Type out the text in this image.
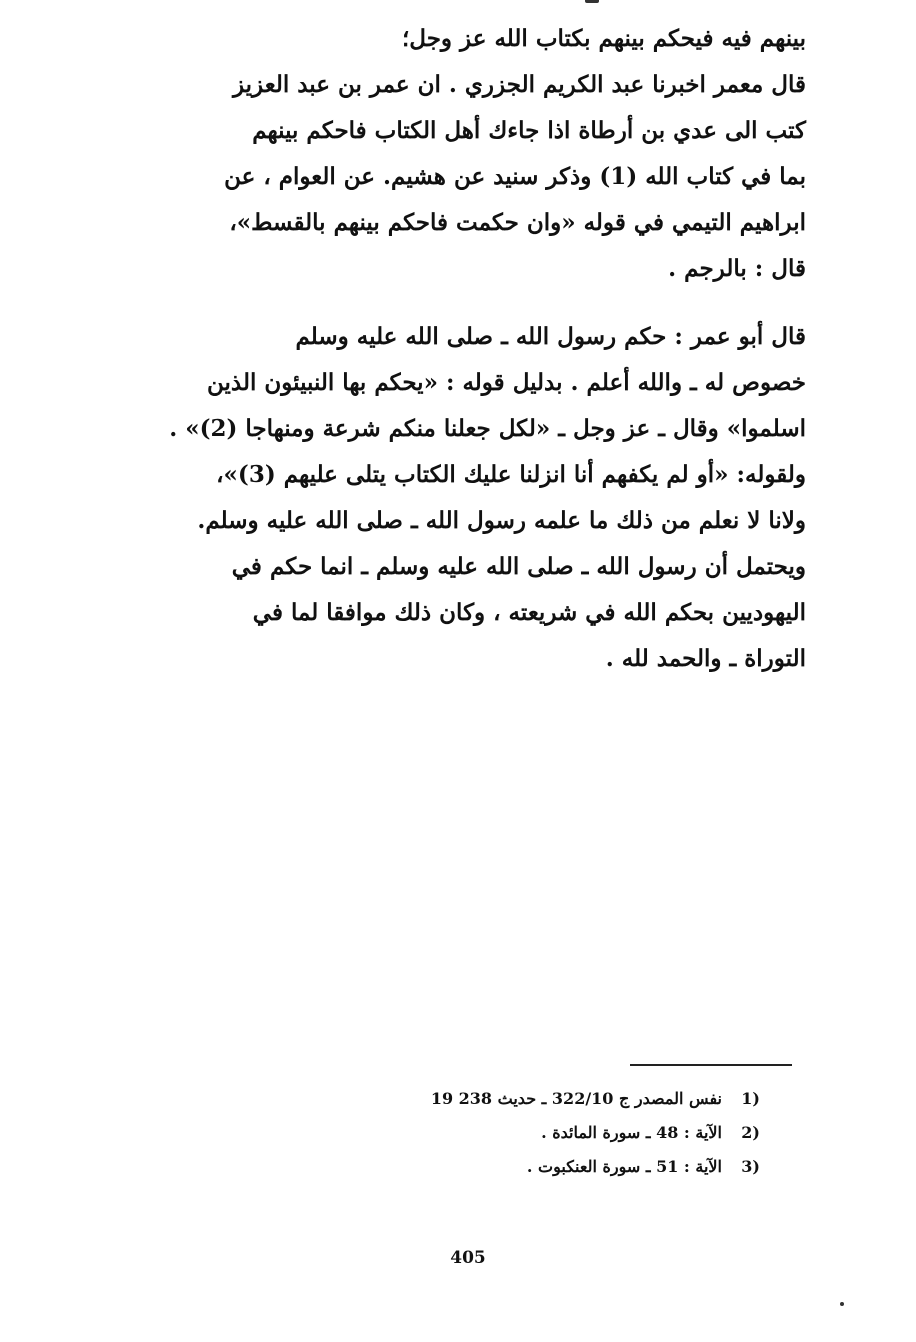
بينهم فيه فيحكم بينهم بكتاب الله عز وجل؛
قال معمر اخبرنا عبد الكريم الجزري . ان عمر بن عبد العزيز
كتب الى عدي بن أرطاة اذا جاءك أهل الكتاب فاحكم بينهم
بما في كتاب الله (1) وذكر سنيد عن هشيم. عن العوام ، عن
ابراهيم التيمي في قوله «وان حكمت فاحكم بينهم بالقسط»،
قال : بالرجم .
قال أبو عمر : حكم رسول الله ـ صلى الله عليه وسلم
خصوص له ـ والله أعلم . بدليل قوله : «يحكم بها النبيئون الذين
اسلموا» وقال ـ عز وجل ـ «لكل جعلنا منكم شرعة ومنهاجا (2)» .
ولقوله: «أو لم يكفهم أنا انزلنا عليك الكتاب يتلى عليهم (3)»،
ولانا لا نعلم من ذلك ما علمه رسول الله ـ صلى الله عليه وسلم.
ويحتمل أن رسول الله ـ صلى الله عليه وسلم ـ انما حكم في
اليهوديين بحكم الله في شريعته ، وكان ذلك موافقا لما في
التوراة ـ والحمد لله .
1)
نفس المصدر ج 322/10 ـ حديث 238 19
2)
الآية : 48 ـ سورة المائدة .
3)
الآية : 51 ـ سورة العنكبوت .
405
